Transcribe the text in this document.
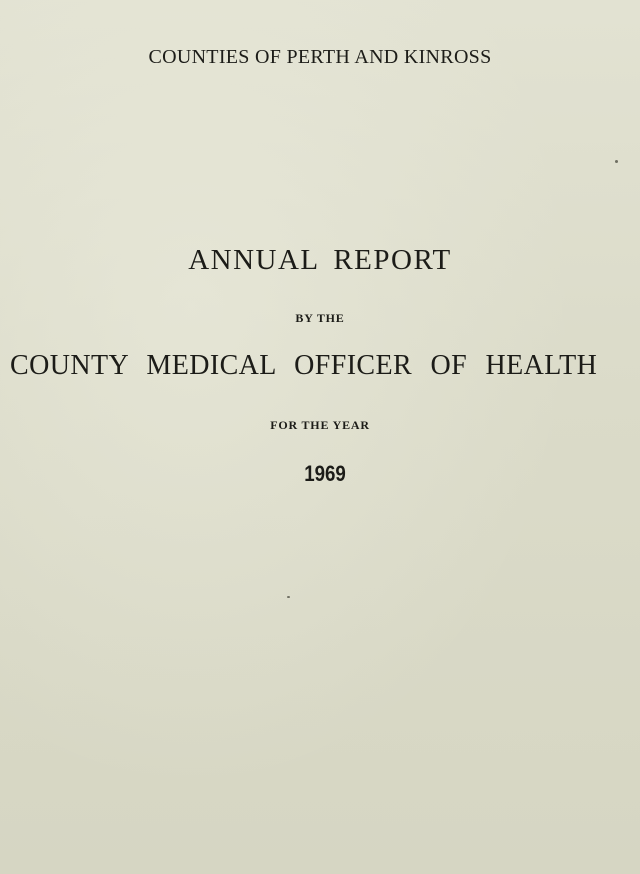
COUNTIES OF PERTH AND KINROSS
ANNUAL REPORT
BY THE
COUNTY MEDICAL OFFICER OF HEALTH
FOR THE YEAR
1969
